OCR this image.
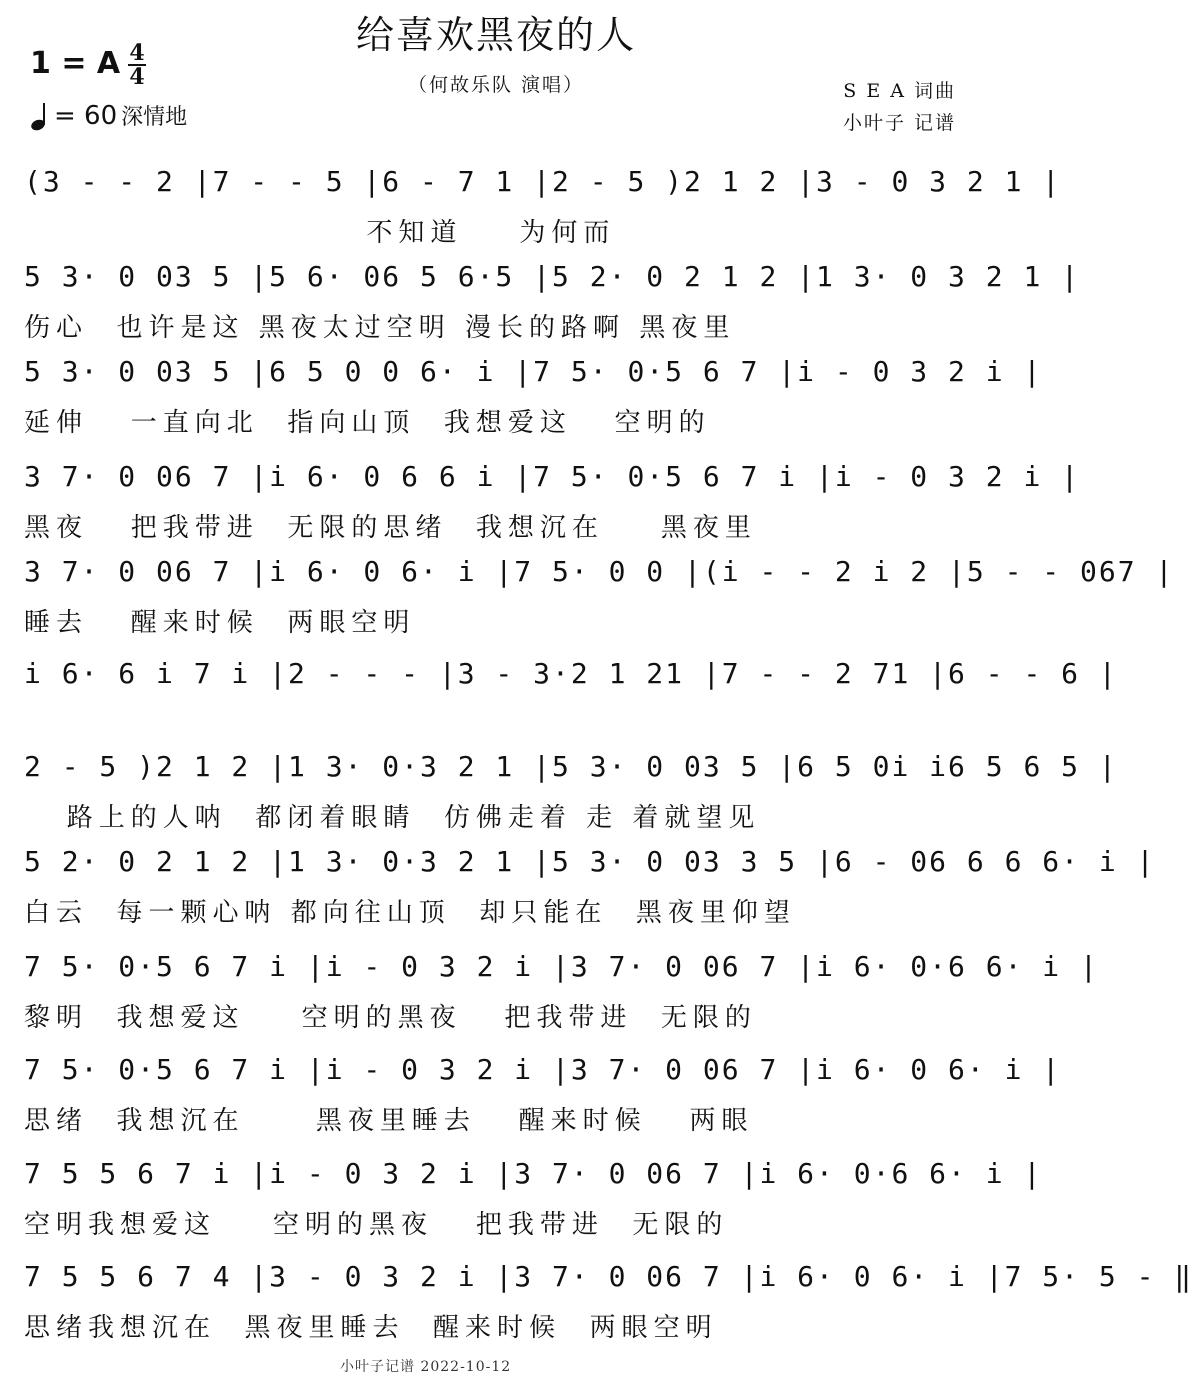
给喜欢黑夜的人
（何故乐队 演唱）
1 = A 4
4
= 60 深情地
S E A 词曲
小叶子 记谱
(3 - - 2 |7 - - 5 |6 - 7 1 |2 - 5 )2 1 2 |3 - 0 3 2 1 |
不知道    为何而
5 3· 0 03 5 |5 6· 06 5 6·5 |5 2· 0 2 1 2 |1 3· 0 3 2 1 |
伤心  也许是这 黑夜太过空明 漫长的路啊 黑夜里
5 3· 0 03 5 |6 5 0 0 6· i |7 5· 0·5 6 7 |i - 0 3 2 i |
延伸   一直向北  指向山顶  我想爱这   空明的
3 7· 0 06 7 |i 6· 0 6 6 i |7 5· 0·5 6 7 i |i - 0 3 2 i |
黑夜   把我带进  无限的思绪  我想沉在    黑夜里
3 7· 0 06 7 |i 6· 0 6· i |7 5· 0 0 |(i - - 2 i 2 |5 - - 067 |
睡去   醒来时候  两眼空明
i 6· 6 i 7 i |2 - - - |3 - 3·2 1 21 |7 - - 2 71 |6 - - 6 |
2 - 5 )2 1 2 |1 3· 0·3 2 1 |5 3· 0 03 5 |6 5 0i i6 5 6 5 |
路上的人呐  都闭着眼睛  仿佛走着 走 着就望见
5 2· 0 2 1 2 |1 3· 0·3 2 1 |5 3· 0 03 3 5 |6 - 06 6 6 6· i |
白云  每一颗心呐 都向往山顶  却只能在  黑夜里仰望
7 5· 0·5 6 7 i |i - 0 3 2 i |3 7· 0 06 7 |i 6· 0·6 6· i |
黎明  我想爱这    空明的黑夜   把我带进  无限的
7 5· 0·5 6 7 i |i - 0 3 2 i |3 7· 0 06 7 |i 6· 0 6· i |
思绪  我想沉在     黑夜里睡去   醒来时候   两眼
7 5 5 6 7 i |i - 0 3 2 i |3 7· 0 06 7 |i 6· 0·6 6· i |
空明我想爱这    空明的黑夜   把我带进  无限的
7 5 5 6 7 4 |3 - 0 3 2 i |3 7· 0 06 7 |i 6· 0 6· i |7 5· 5 - ‖
思绪我想沉在  黑夜里睡去  醒来时候  两眼空明
小叶子记谱 2022-10-12
